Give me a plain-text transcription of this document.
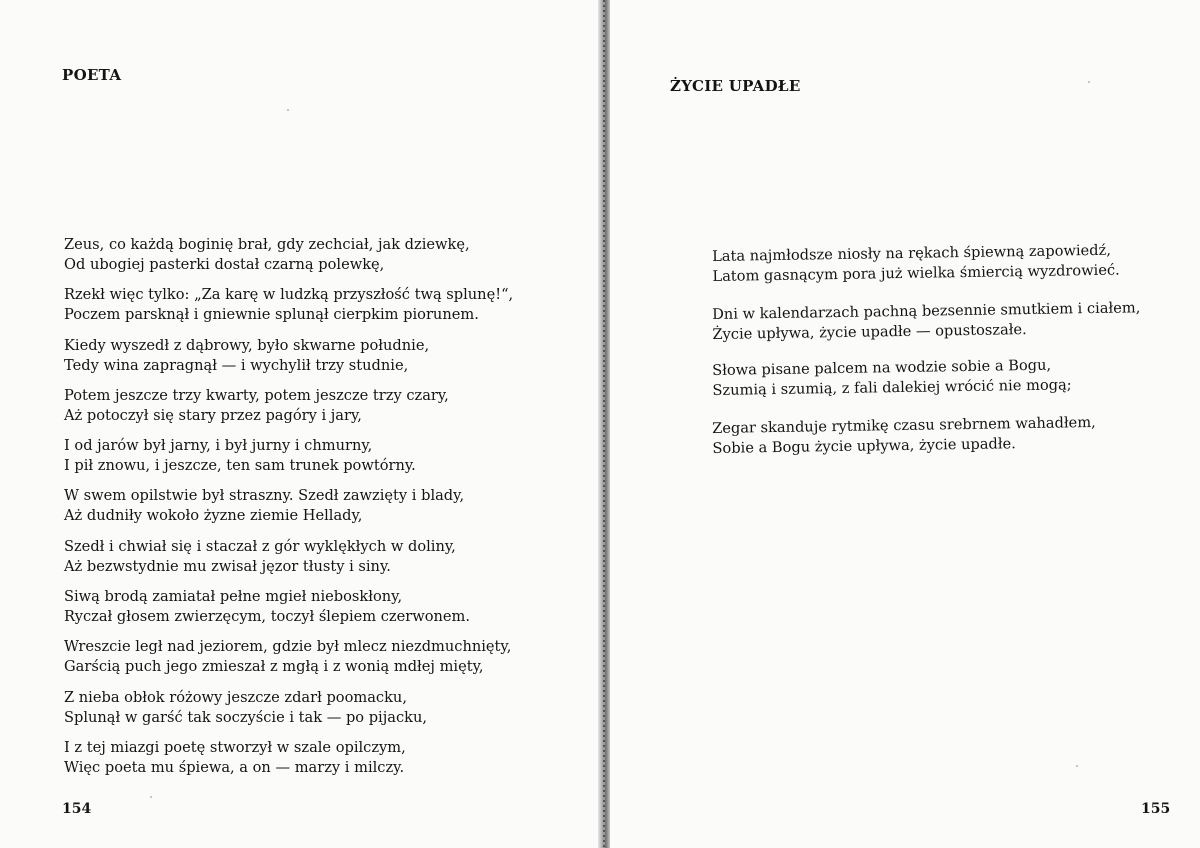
POETA
Zeus, co każdą boginię brał, gdy zechciał, jak dziewkę,
Od ubogiej pasterki dostał czarną polewkę,
Rzekł więc tylko: „Za karę w ludzką przyszłość twą splunę!“,
Poczem parsknął i gniewnie splunął cierpkim piorunem.
Kiedy wyszedł z dąbrowy, było skwarne południe,
Tedy wina zapragnął — i wychylił trzy studnie,
Potem jeszcze trzy kwarty, potem jeszcze trzy czary,
Aż potoczył się stary przez pagóry i jary,
I od jarów był jarny, i był jurny i chmurny,
I pił znowu, i jeszcze, ten sam trunek powtórny.
W swem opilstwie był straszny. Szedł zawzięty i blady,
Aż dudniły wokoło żyzne ziemie Hellady,
Szedł i chwiał się i staczał z gór wyklękłych w doliny,
Aż bezwstydnie mu zwisał jęzor tłusty i siny.
Siwą brodą zamiatał pełne mgieł nieboskłony,
Ryczał głosem zwierzęcym, toczył ślepiem czerwonem.
Wreszcie legł nad jeziorem, gdzie był mlecz niezdmuchnięty,
Garścią puch jego zmieszał z mgłą i z wonią mdłej mięty,
Z nieba obłok różowy jeszcze zdarł poomacku,
Splunął w garść tak soczyście i tak — po pijacku,
I z tej miazgi poetę stworzył w szale opilczym,
Więc poeta mu śpiewa, a on — marzy i milczy.
154
ŻYCIE UPADŁE
Lata najmłodsze niosły na rękach śpiewną zapowiedź,
Latom gasnącym pora już wielka śmiercią wyzdrowieć.
Dni w kalendarzach pachną bezsennie smutkiem i ciałem,
Życie upływa, życie upadłe — opustoszałe.
Słowa pisane palcem na wodzie sobie a Bogu,
Szumią i szumią, z fali dalekiej wrócić nie mogą;
Zegar skanduje rytmikę czasu srebrnem wahadłem,
Sobie a Bogu życie upływa, życie upadłe.
155
